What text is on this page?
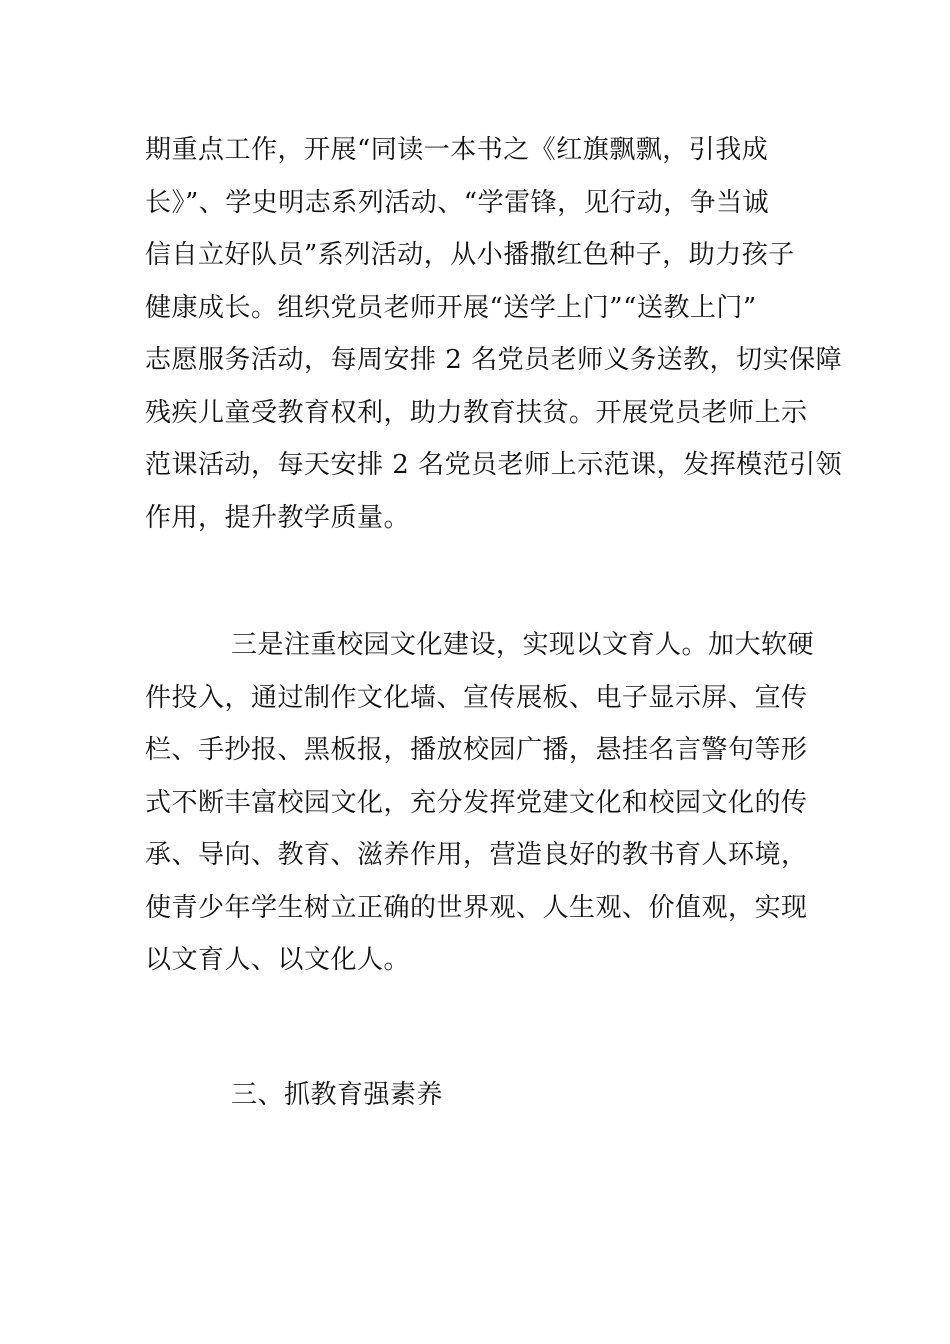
期重点工作，开展“同读一本书之《红旗飘飘，引我成
长》”、学史明志系列活动、“学雷锋，见行动，争当诚
信自立好队员”系列活动，从小播撒红色种子，助力孩子
健康成长。组织党员老师开展“送学上门”“送教上门”
志愿服务活动，每周安排 2 名党员老师义务送教，切实保障
残疾儿童受教育权利，助力教育扶贫。开展党员老师上示
范课活动，每天安排 2 名党员老师上示范课，发挥模范引领
作用，提升教学质量。
三是注重校园文化建设，实现以文育人。加大软硬
件投入，通过制作文化墙、宣传展板、电子显示屏、宣传
栏、手抄报、黑板报，播放校园广播，悬挂名言警句等形
式不断丰富校园文化，充分发挥党建文化和校园文化的传
承、导向、教育、滋养作用，营造良好的教书育人环境，
使青少年学生树立正确的世界观、人生观、价值观，实现
以文育人、以文化人。
三、抓教育强素养
